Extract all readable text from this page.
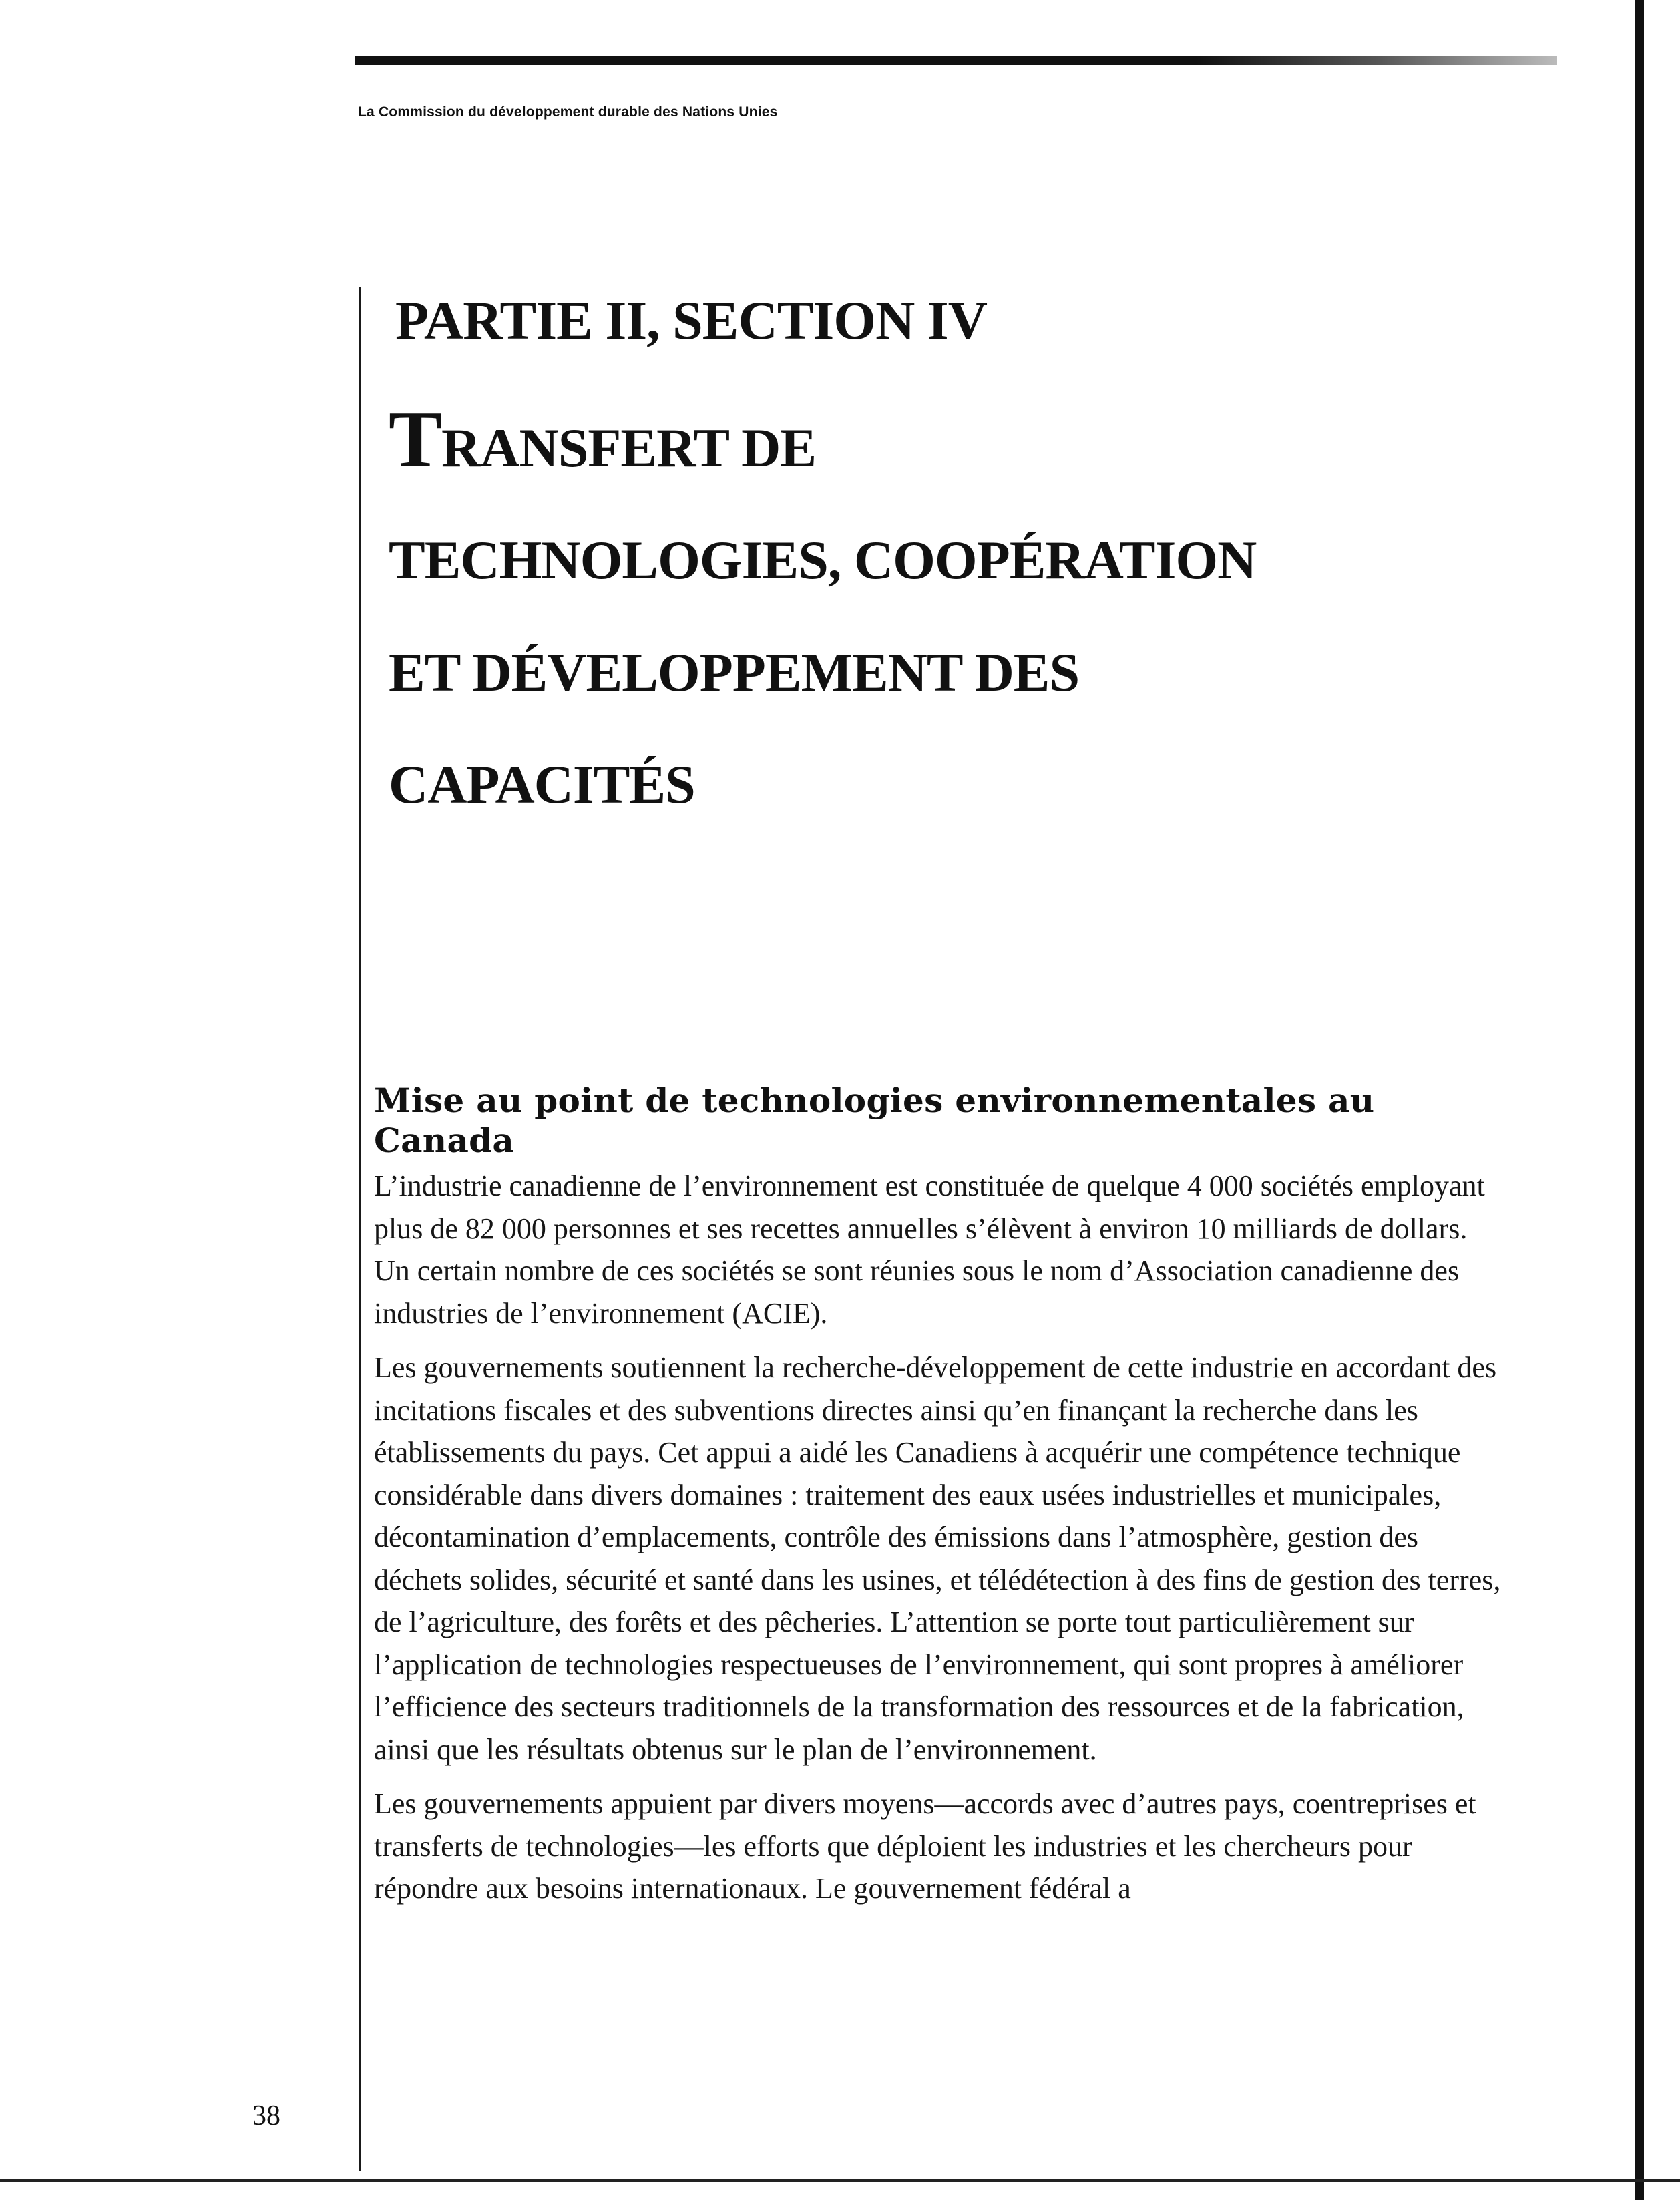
La Commission du développement durable des Nations Unies
PARTIE II, SECTION IV
TRANSFERT DE
TECHNOLOGIES, COOPÉRATION
ET DÉVELOPPEMENT DES
CAPACITÉS
Mise au point de technologies environnementales au Canada

L’industrie canadienne de l’environnement est constituée de quelque 4 000 sociétés employant plus de 82 000 personnes et ses recettes annuelles s’élèvent à environ 10 milliards de dollars. Un certain nombre de ces sociétés se sont réunies sous le nom d’Association canadienne des industries de l’environnement (ACIE).

Les gouvernements soutiennent la recherche-développement de cette industrie en accordant des incitations fiscales et des subventions directes ainsi qu’en finançant la recherche dans les établissements du pays. Cet appui a aidé les Canadiens à acquérir une compétence technique considérable dans divers domaines : traitement des eaux usées industrielles et municipales, décontamination d’emplacements, contrôle des émissions dans l’atmosphère, gestion des déchets solides, sécurité et santé dans les usines, et télédétection à des fins de gestion des terres, de l’agriculture, des forêts et des pêcheries. L’attention se porte tout particulièrement sur l’application de technologies respectueuses de l’environnement, qui sont propres à améliorer l’efficience des secteurs traditionnels de la transformation des ressources et de la fabrication, ainsi que les résultats obtenus sur le plan de l’environnement.

Les gouvernements appuient par divers moyens—accords avec d’autres pays, coentreprises et transferts de technologies—les efforts que déploient les industries et les chercheurs pour répondre aux besoins internationaux. Le gouvernement fédéral a

38
